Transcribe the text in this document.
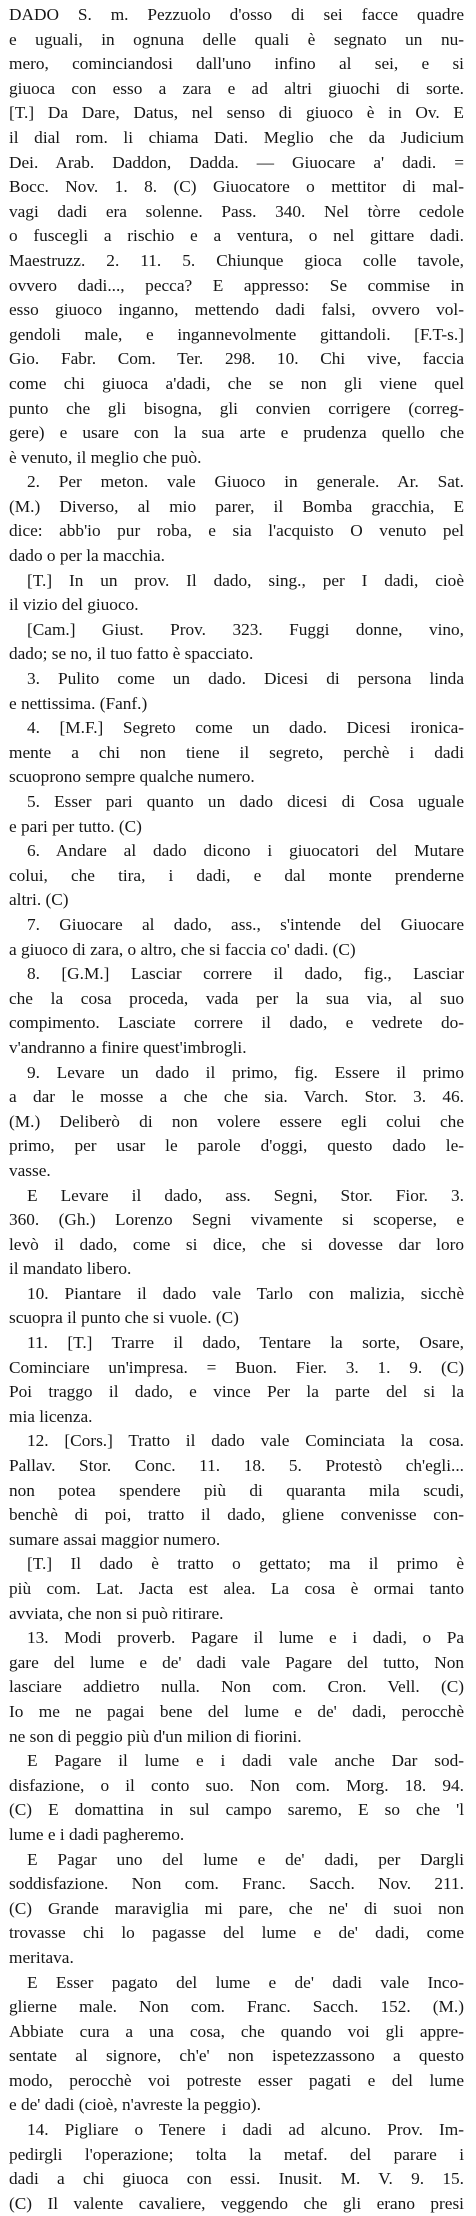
DADO S. m. Pezzuolo d'osso di sei facce quadre
e uguali, in ognuna delle quali è segnato un nu-
mero, cominciandosi dall'uno infino al sei, e si
giuoca con esso a zara e ad altri giuochi di sorte.
[T.] Da Dare, Datus, nel senso di giuoco è in Ov. E
il dial rom. li chiama Dati. Meglio che da Judicium
Dei. Arab. Daddon, Dadda. — Giuocare a' dadi. =
Bocc. Nov. 1. 8. (C) Giuocatore o mettitor di mal-
vagi dadi era solenne. Pass. 340. Nel tòrre cedole
o fuscegli a rischio e a ventura, o nel gittare dadi.
Maestruzz. 2. 11. 5. Chiunque gioca colle tavole,
ovvero dadi..., pecca? E appresso: Se commise in
esso giuoco inganno, mettendo dadi falsi, ovvero vol-
gendoli male, e ingannevolmente gittandoli. [F.T-s.]
Gio. Fabr. Com. Ter. 298. 10. Chi vive, faccia
come chi giuoca a'dadi, che se non gli viene quel
punto che gli bisogna, gli convien corrigere (correg-
gere) e usare con la sua arte e prudenza quello che
è venuto, il meglio che può.
2. Per meton. vale Giuoco in generale. Ar. Sat.
(M.) Diverso, al mio parer, il Bomba gracchia, E
dice: abb'io pur roba, e sia l'acquisto O venuto pel
dado o per la macchia.
[T.] In un prov. Il dado, sing., per I dadi, cioè
il vizio del giuoco.
[Cam.] Giust. Prov. 323. Fuggi donne, vino,
dado; se no, il tuo fatto è spacciato.
3. Pulito come un dado. Dicesi di persona linda
e nettissima. (Fanf.)
4. [M.F.] Segreto come un dado. Dicesi ironica-
mente a chi non tiene il segreto, perchè i dadi
scuoprono sempre qualche numero.
5. Esser pari quanto un dado dicesi di Cosa uguale
e pari per tutto. (C)
6. Andare al dado dicono i giuocatori del Mutare
colui, che tira, i dadi, e dal monte prenderne
altri. (C)
7. Giuocare al dado, ass., s'intende del Giuocare
a giuoco di zara, o altro, che si faccia co' dadi. (C)
8. [G.M.] Lasciar correre il dado, fig., Lasciar
che la cosa proceda, vada per la sua via, al suo
compimento. Lasciate correre il dado, e vedrete do-
v'andranno a finire quest'imbrogli.
9. Levare un dado il primo, fig. Essere il primo
a dar le mosse a che che sia. Varch. Stor. 3. 46.
(M.) Deliberò di non volere essere egli colui che
primo, per usar le parole d'oggi, questo dado le-
vasse.
E Levare il dado, ass. Segni, Stor. Fior. 3.
360. (Gh.) Lorenzo Segni vivamente si scoperse, e
levò il dado, come si dice, che si dovesse dar loro
il mandato libero.
10. Piantare il dado vale Tarlo con malizia, sicchè
scuopra il punto che si vuole. (C)
11. [T.] Trarre il dado, Tentare la sorte, Osare,
Cominciare un'impresa. = Buon. Fier. 3. 1. 9. (C)
Poi traggo il dado, e vince Per la parte del si la
mia licenza.
12. [Cors.] Tratto il dado vale Cominciata la cosa.
Pallav. Stor. Conc. 11. 18. 5. Protestò ch'egli...
non potea spendere più di quaranta mila scudi,
benchè di poi, tratto il dado, gliene convenisse con-
sumare assai maggior numero.
[T.] Il dado è tratto o gettato; ma il primo è
più com. Lat. Jacta est alea. La cosa è ormai tanto
avviata, che non si può ritirare.
13. Modi proverb. Pagare il lume e i dadi, o Pa
gare del lume e de' dadi vale Pagare del tutto, Non
lasciare addietro nulla. Non com. Cron. Vell. (C)
Io me ne pagai bene del lume e de' dadi, perocchè
ne son di peggio più d'un milion di fiorini.
E Pagare il lume e i dadi vale anche Dar sod-
disfazione, o il conto suo. Non com. Morg. 18. 94.
(C) E domattina in sul campo saremo, E so che 'l
lume e i dadi pagheremo.
E Pagar uno del lume e de' dadi, per Dargli
soddisfazione. Non com. Franc. Sacch. Nov. 211.
(C) Grande maraviglia mi pare, che ne' di suoi non
trovasse chi lo pagasse del lume e de' dadi, come
meritava.
E Esser pagato del lume e de' dadi vale Inco-
glierne male. Non com. Franc. Sacch. 152. (M.)
Abbiate cura a una cosa, che quando voi gli appre-
sentate al signore, ch'e' non ispetezzassono a questo
modo, perocchè voi potreste esser pagati e del lume
e de' dadi (cioè, n'avreste la peggio).
14. Pigliare o Tenere i dadi ad alcuno. Prov. Im-
pedirgli l'operazione; tolta la metaf. del parare i
dadi a chi giuoca con essi. Inusit. M. V. 9. 15.
(C) Il valente cavaliere, veggendo che gli erano presi
